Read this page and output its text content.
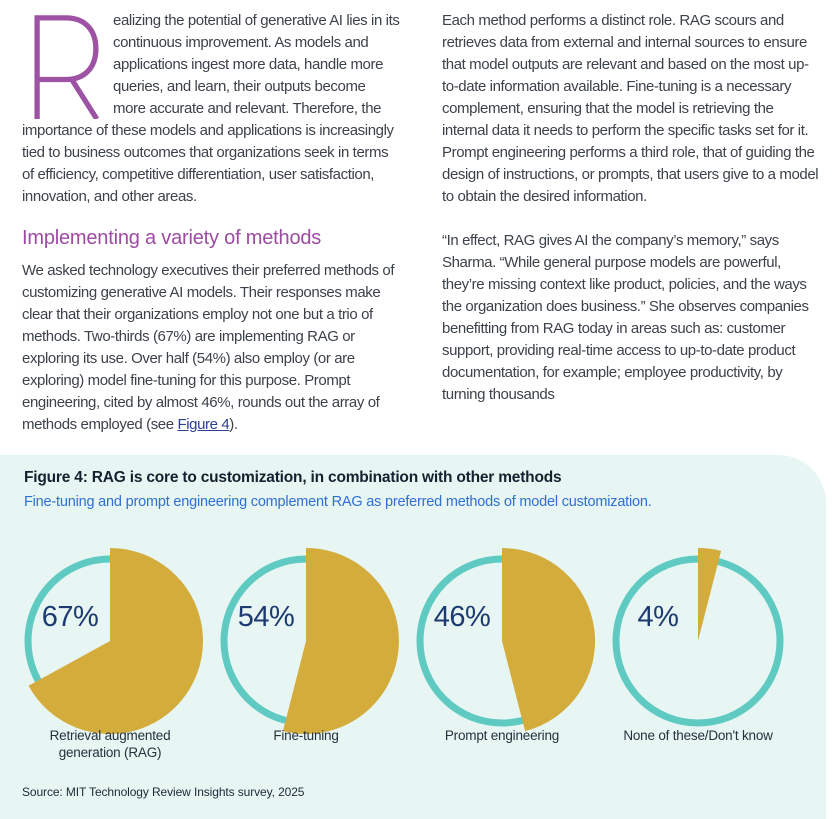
ealizing the potential of generative AI lies in its continuous improvement. As models and applications ingest more data, handle more queries, and learn, their outputs become more accurate and relevant. Therefore, the importance of these models and applications is increasingly tied to business outcomes that organizations seek in terms of efficiency, competitive differentiation, user satisfaction, innovation, and other areas.

Implementing a variety of methods

We asked technology executives their preferred methods of customizing generative AI models. Their responses make clear that their organizations employ not one but a trio of methods. Two-thirds (67%) are implementing RAG or exploring its use. Over half (54%) also employ (or are exploring) model fine-tuning for this purpose. Prompt engineering, cited by almost 46%, rounds out the array of methods employed (see Figure 4).

Each method performs a distinct role. RAG scours and retrieves data from external and internal sources to ensure that model outputs are relevant and based on the most up-to-date information available. Fine-tuning is a necessary complement, ensuring that the model is retrieving the internal data it needs to perform the specific tasks set for it. Prompt engineering performs a third role, that of guiding the design of instructions, or prompts, that users give to a model to obtain the desired information.

“In effect, RAG gives AI the company’s memory,” says Sharma. “While general purpose models are powerful, they’re missing context like product, policies, and the ways the organization does business.” She observes companies benefitting from RAG today in areas such as: customer support, providing real-time access to up-to-date product documentation, for example; employee productivity, by turning thousands

Figure 4: RAG is core to customization, in combination with other methods
Fine-tuning and prompt engineering complement RAG as preferred methods of model customization.
67%
Retrieval augmented generation (RAG)
54%
Fine-tuning
46%
Prompt engineering
4%
None of these/Don't know
Source: MIT Technology Review Insights survey, 2025
